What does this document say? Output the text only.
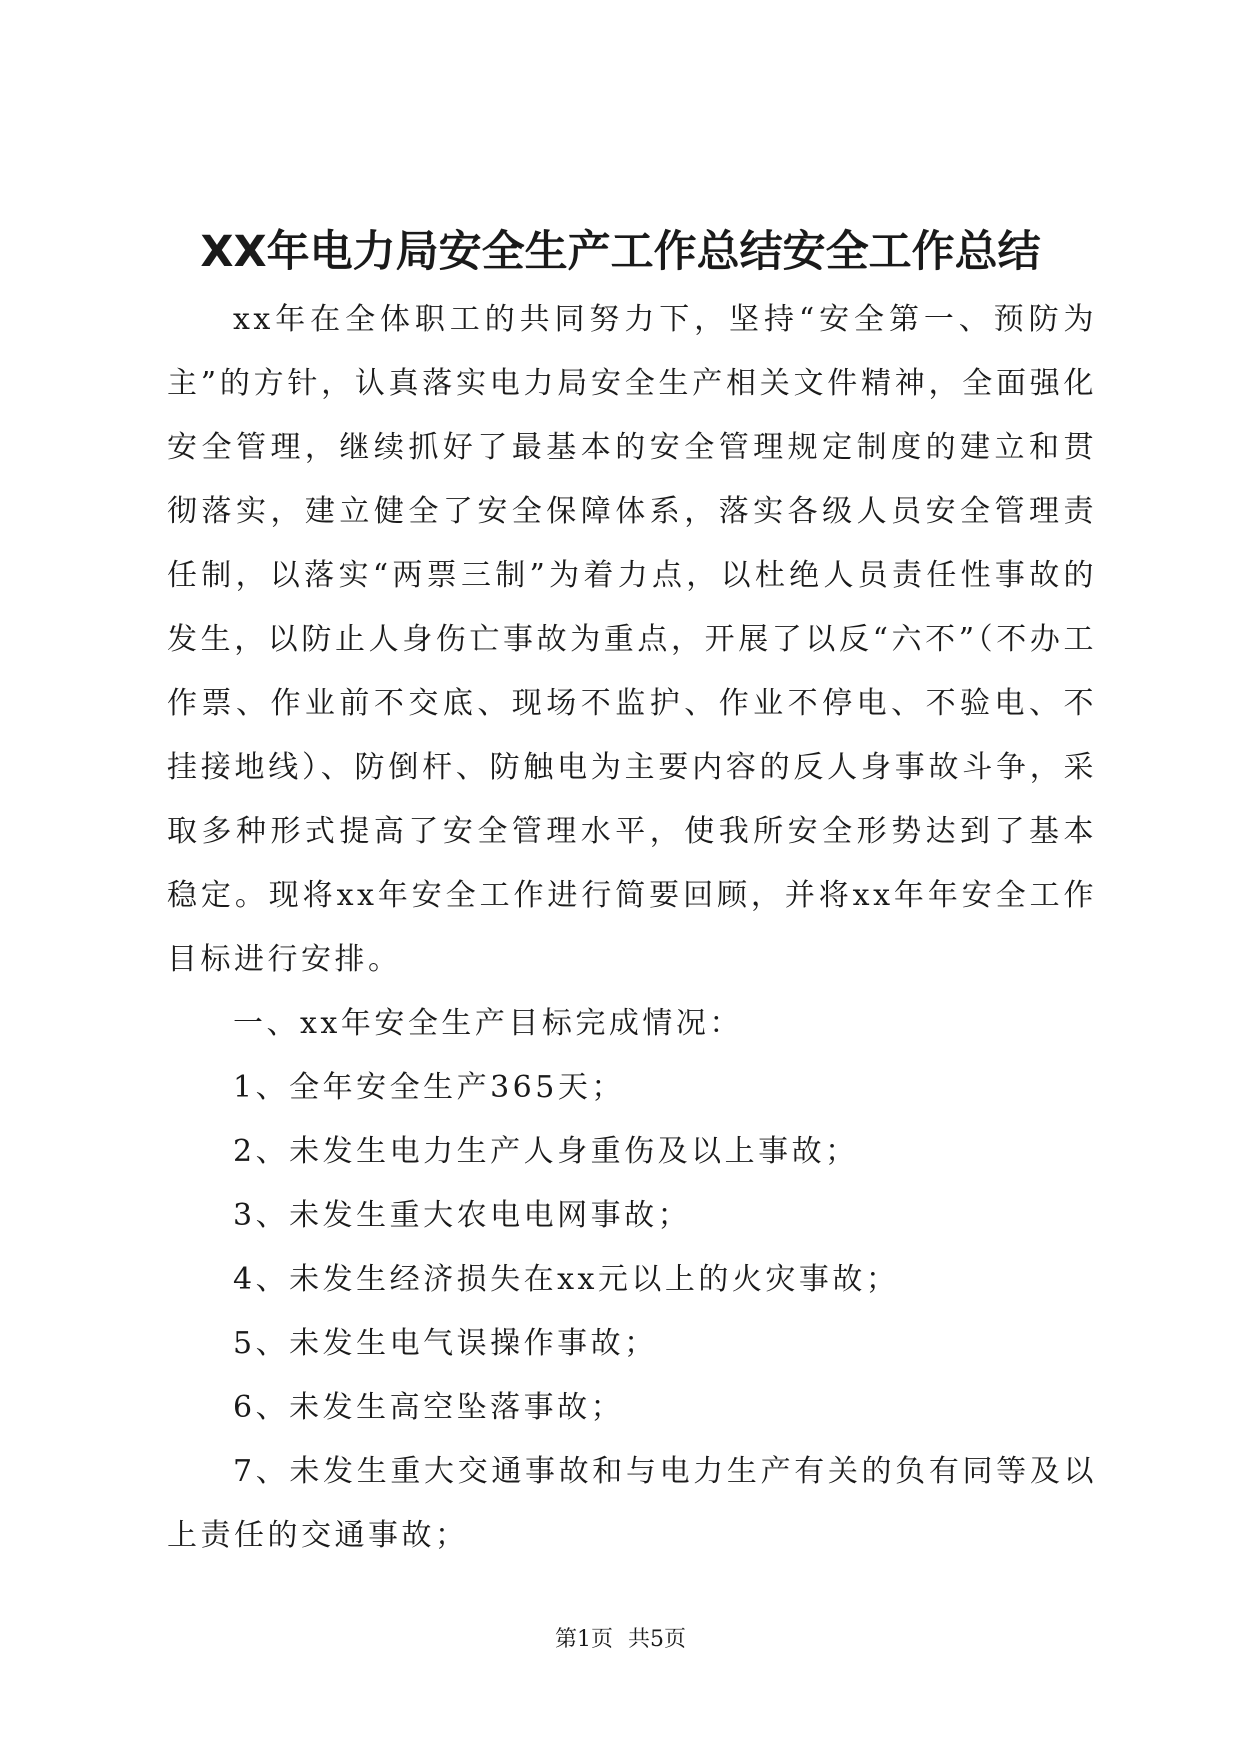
XX年电力局安全生产工作总结安全工作总结

xx年在全体职工的共同努力下，坚持“安全第一、预防为主”的方针，认真落实电力局安全生产相关文件精神，全面强化安全管理，继续抓好了最基本的安全管理规定制度的建立和贯彻落实，建立健全了安全保障体系，落实各级人员安全管理责任制，以落实“两票三制”为着力点，以杜绝人员责任性事故的发生，以防止人身伤亡事故为重点，开展了以反“六不”（不办工作票、作业前不交底、现场不监护、作业不停电、不验电、不挂接地线）、防倒杆、防触电为主要内容的反人身事故斗争，采取多种形式提高了安全管理水平，使我所安全形势达到了基本稳定。现将xx年安全工作进行简要回顾，并将xx年年安全工作目标进行安排。

一、xx年安全生产目标完成情况：

1、全年安全生产365天；

2、未发生电力生产人身重伤及以上事故；

3、未发生重大农电电网事故；

4、未发生经济损失在xx元以上的火灾事故；

5、未发生电气误操作事故；

6、未发生高空坠落事故；

7、未发生重大交通事故和与电力生产有关的负有同等及以上责任的交通事故；

第1页 共5页
